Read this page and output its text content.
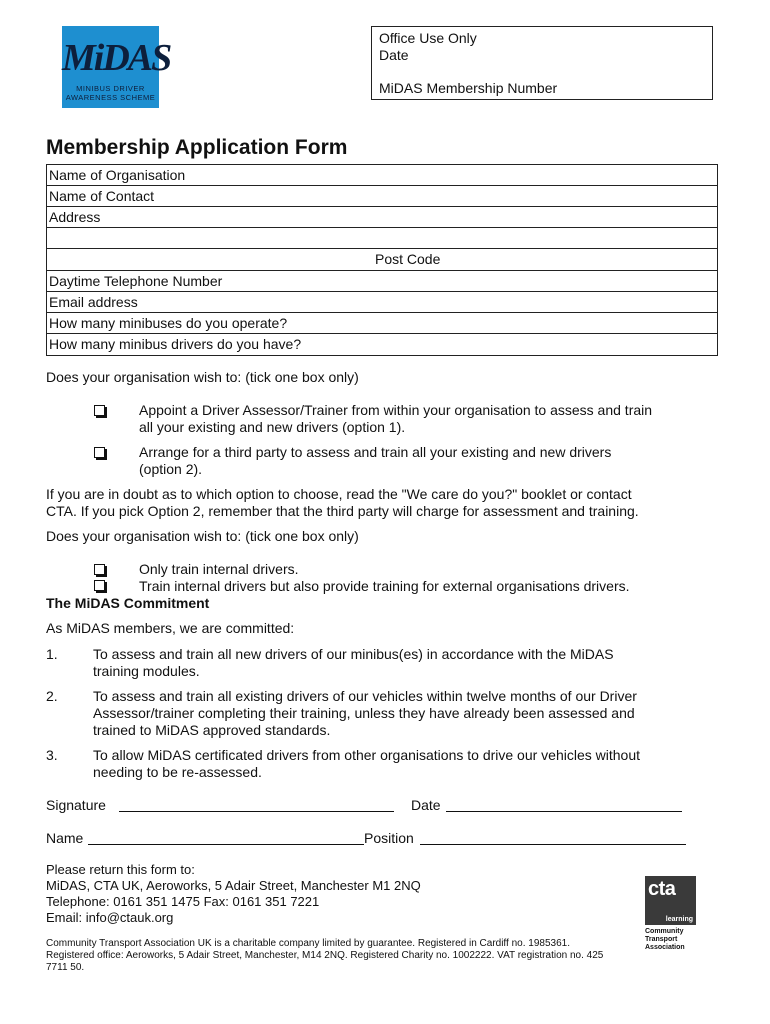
MiDAS
MINIBUS DRIVER
AWARENESS SCHEME
Office Use Only
Date
MiDAS Membership Number
Membership Application Form
Name of Organisation
Name of Contact
Address
Post Code
Daytime Telephone Number
Email address
How many minibuses do you operate?
How many minibus drivers do you have?
Does your organisation wish to: (tick one box only)
Appoint a Driver Assessor/Trainer from within your organisation to assess and train
all your existing and new drivers (option 1).
Arrange for a third party to assess and train all your existing and new drivers
(option 2).
If you are in doubt as to which option to choose, read the "We care do you?" booklet or contact
CTA. If you pick Option 2, remember that the third party will charge for assessment and training.
Does your organisation wish to: (tick one box only)
Only train internal drivers.
Train internal drivers but also provide training for external organisations drivers.
The MiDAS Commitment
As MiDAS members, we are committed:
1.	To assess and train all new drivers of our minibus(es) in accordance with the MiDAS
training modules.
2.	To assess and train all existing drivers of our vehicles within twelve months of our Driver
Assessor/trainer completing their training, unless they have already been assessed and
trained to MiDAS approved standards.
3.	To allow MiDAS certificated drivers from other organisations to drive our vehicles without
needing to be re-assessed.
Signature	Date
Name	Position
Please return this form to:
MiDAS, CTA UK, Aeroworks, 5 Adair Street, Manchester M1 2NQ
Telephone: 0161 351 1475 Fax: 0161 351 7221
Email: info@ctauk.org
Community Transport Association UK is a charitable company limited by guarantee. Registered in Cardiff no. 1985361.
Registered office: Aeroworks, 5 Adair Street, Manchester, M14 2NQ. Registered Charity no. 1002222. VAT registration no. 425
7711 50.
cta
learning
Community
Transport
Association
